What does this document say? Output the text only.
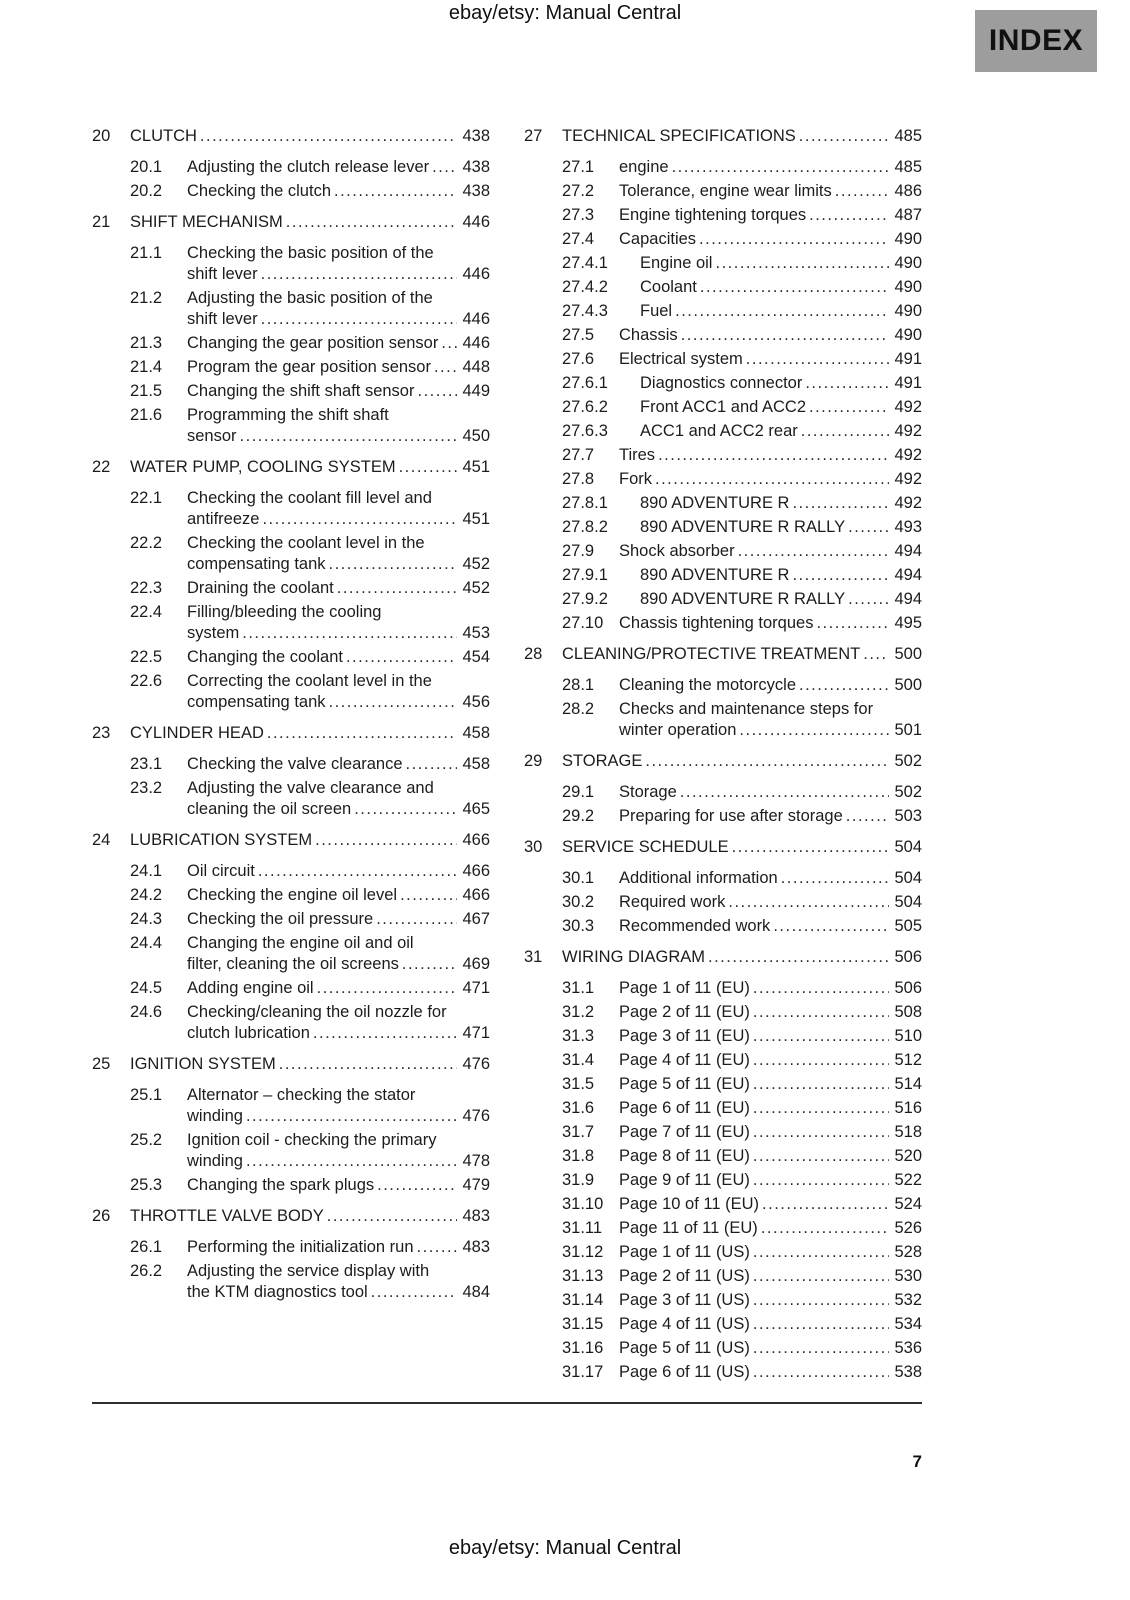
ebay/etsy: Manual Central
INDEX
20	CLUTCH .....	438
20.1	Adjusting the clutch release lever ..... 438
20.2	Checking the clutch .....	438
21	SHIFT MECHANISM .....	446
21.1	Checking the basic position of the
shift lever .....	446
21.2	Adjusting the basic position of the
shift lever .....	446
21.3	Changing the gear position sensor ..... 446
21.4	Program the gear position sensor ..... 448
21.5	Changing the shift shaft sensor .....	449
21.6	Programming the shift shaft
sensor .....	450
22	WATER PUMP, COOLING SYSTEM .....	451
22.1	Checking the coolant fill level and
antifreeze .....	451
22.2	Checking the coolant level in the
compensating tank .....	452
22.3	Draining the coolant .....	452
22.4	Filling/bleeding the cooling
system .....	453
22.5	Changing the coolant .....	454
22.6	Correcting the coolant level in the
compensating tank .....	456
23	CYLINDER HEAD .....	458
23.1	Checking the valve clearance .....	458
23.2	Adjusting the valve clearance and
cleaning the oil screen .....	465
24	LUBRICATION SYSTEM .....	466
24.1	Oil circuit .....	466
24.2	Checking the engine oil level .....	466
24.3	Checking the oil pressure .....	467
24.4	Changing the engine oil and oil
filter, cleaning the oil screens .....	469
24.5	Adding engine oil .....	471
24.6	Checking/cleaning the oil nozzle for
clutch lubrication .....	471
25	IGNITION SYSTEM .....	476
25.1	Alternator – checking the stator
winding .....	476
25.2	Ignition coil - checking the primary
winding .....	478
25.3	Changing the spark plugs .....	479
26	THROTTLE VALVE BODY .....	483
26.1	Performing the initialization run .....	483
26.2	Adjusting the service display with
the KTM diagnostics tool .....	484
27	TECHNICAL SPECIFICATIONS .....	485
27.1	engine .....	485
27.2	Tolerance, engine wear limits .....	486
27.3	Engine tightening torques .....	487
27.4	Capacities .....	490
27.4.1	Engine oil .....	490
27.4.2	Coolant .....	490
27.4.3	Fuel .....	490
27.5	Chassis .....	490
27.6	Electrical system .....	491
27.6.1	Diagnostics connector .....	491
27.6.2	Front ACC1 and ACC2 .....	492
27.6.3	ACC1 and ACC2 rear .....	492
27.7	Tires .....	492
27.8	Fork .....	492
27.8.1	890 ADVENTURE R .....	492
27.8.2	890 ADVENTURE R RALLY .....	493
27.9	Shock absorber .....	494
27.9.1	890 ADVENTURE R .....	494
27.9.2	890 ADVENTURE R RALLY .....	494
27.10 Chassis tightening torques .....	495
28	CLEANING/PROTECTIVE TREATMENT ..... 500
28.1	Cleaning the motorcycle .....	500
28.2	Checks and maintenance steps for
winter operation .....	501
29	STORAGE .....	502
29.1	Storage .....	502
29.2	Preparing for use after storage .....	503
30	SERVICE SCHEDULE .....	504
30.1	Additional information .....	504
30.2	Required work .....	504
30.3	Recommended work .....	505
31	WIRING DIAGRAM .....	506
31.1	Page 1 of 11 (EU) .....	506
31.2	Page 2 of 11 (EU) .....	508
31.3	Page 3 of 11 (EU) .....	510
31.4	Page 4 of 11 (EU) .....	512
31.5	Page 5 of 11 (EU) .....	514
31.6	Page 6 of 11 (EU) .....	516
31.7	Page 7 of 11 (EU) .....	518
31.8	Page 8 of 11 (EU) .....	520
31.9	Page 9 of 11 (EU) .....	522
31.10 Page 10 of 11 (EU) .....	524
31.11	Page 11 of 11 (EU) .....	526
31.12 Page 1 of 11 (US) .....	528
31.13 Page 2 of 11 (US) .....	530
31.14 Page 3 of 11 (US) .....	532
31.15 Page 4 of 11 (US) .....	534
31.16 Page 5 of 11 (US) .....	536
31.17 Page 6 of 11 (US) .....	538
7
ebay/etsy: Manual Central
